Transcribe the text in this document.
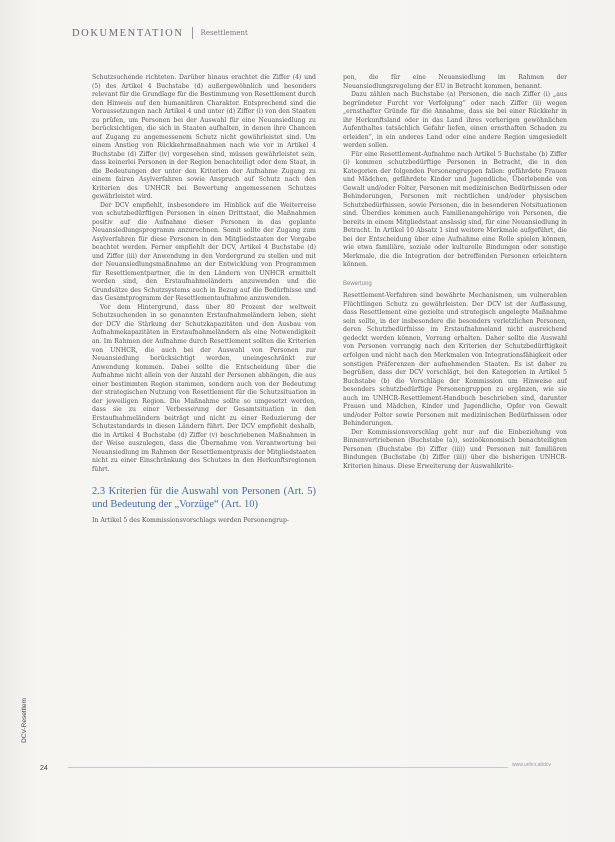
DOKUMENTATION Resettlement

Schutzsuchende richteten. Darüber hinaus erachtet die Ziffer (4) und (5) des Artikel 4 Buchstabe (d) außergewöhnlich und besonders relevant für die Grundlage für die Bestimmung von Resettlement durch den Hinweis auf den humanitären Charakter. Entsprechend sind die Voraussetzungen nach Artikel 4 und unter (d) Ziffer (i) von den Staaten zu prüfen, um Personen bei der Auswahl für eine Neuansiedlung zu berücksichtigen, die sich in Staaten aufhalten, in denen ihre Chancen auf Zugang zu angemessenem Schutz nicht gewährleistet sind. Um einem Anstieg von Rückkehrmaßnahmen nach wie vor in Artikel 4 Buchstabe (d) Ziffer (iv) vorgesehen sind, müssen gewährleistet sein, dass keinerlei Personen in der Region benachteiligt oder dem Staat, in die Bedeutungen der unter den Kriterien der Aufnahme Zugang zu einem fairen Asylverfahren sowie Anspruch auf Schutz nach den Kriterien des UNHCR bei Bewertung angemessenen Schutzes gewährleistet wird.

Der DCV empfiehlt, insbesondere im Hinblick auf die Weiterreise von schutzbedürftigen Personen in einen Drittstaat, die Maßnahmen positiv auf die Aufnahme dieser Personen in das geplante Neuansiedlungsprogramm anzurechnen. Somit sollte der Zugang zum Asylverfahren für diese Personen in den Mitgliedstaaten der Vorgabe beachtet werden. Ferner empfiehlt der DCV, Artikel 4 Buchstabe (d) und Ziffer (iii) der Anwendung in den Vordergrund zu stellen und mit der Neuansiedlungsmaßnahme an der Entwicklung von Programmen für Resettlementpartner, die in den Ländern von UNHCR ermittelt worden sind, den Erstaufnahmeländern anzuwenden und die Grundsätze des Schutzsystems auch in Bezug auf die Bedürfnisse und das Gesamtprogramm der Resettlementaufnahme anzuwenden.

Vor dem Hintergrund, dass über 80 Prozent der weltweit Schutzsuchenden in so genannten Erstaufnahmeländern leben, sieht der DCV die Stärkung der Schutzkapazitäten und den Ausbau von Aufnahmekapazitäten in Erstaufnahmeländern als eine Notwendigkeit an. Im Rahmen der Aufnahme durch Resettlement sollten die Kriterien von UNHCR, die auch bei der Auswahl von Personen zur Neuansiedlung berücksichtigt werden, uneingeschränkt zur Anwendung kommen. Dabei sollte die Entscheidung über die Aufnahme nicht allein von der Anzahl der Personen abhängen, die aus einer bestimmten Region stammen, sondern auch von der Bedeutung der strategischen Nutzung von Resettlement für die Schutzsituation in der jeweiligen Region. Die Maßnahme sollte so umgesetzt werden, dass sie zu einer Verbesserung der Gesamtsituation in den Erstaufnahmeländern beiträgt und nicht zu einer Reduzierung der Schutzstandards in diesen Ländern führt. Der DCV empfiehlt deshalb, die in Artikel 4 Buchstabe (d) Ziffer (v) beschriebenen Maßnahmen in der Weise auszulegen, dass die Übernahme von Verantwortung bei Neuansiedlung im Rahmen der Resettlementpraxis der Mitgliedstaaten nicht zu einer Einschränkung des Schutzes in den Herkunftsregionen führt.

2.3 Kriterien für die Auswahl von Personen (Art. 5) und Bedeutung der „Vorzüge“ (Art. 10)

In Artikel 5 des Kommissionsvorschlags werden Personengrup-

pen, die für eine Neuansiedlung im Rahmen der Neuansiedlungsregelung der EU in Betracht kommen, benannt.

Dazu zählen nach Buchstabe (a) Personen, die nach Ziffer (i) „aus begründeter Furcht vor Verfolgung“ oder nach Ziffer (ii) wegen „ernsthafter Gründe für die Annahme, dass sie bei einer Rückkehr in ihr Herkunftsland oder in das Land ihres vorherigen gewöhnlichen Aufenthaltes tatsächlich Gefahr liefen, einen ernsthaften Schaden zu erleiden“, in ein anderes Land oder eine andere Region umgesiedelt werden sollen.

Für eine Resettlement-Aufnahme nach Artikel 5 Buchstabe (b) Ziffer (i) kommen schutzbedürftige Personen in Betracht, die in den Kategorien der folgenden Personengruppen fallen: gefährdete Frauen und Mädchen, gefährdete Kinder und Jugendliche, Überlebende von Gewalt und/oder Folter, Personen mit medizinischen Bedürfnissen oder Behinderungen, Personen mit rechtlichen und/oder physischen Schutzbedürfnissen, sowie Personen, die in besonderen Notsituationen sind. Überdies kommen auch Familienangehörige von Personen, die bereits in einem Mitgliedstaat ansässig sind, für eine Neuansiedlung in Betracht. In Artikel 10 Absatz 1 sind weitere Merkmale aufgeführt, die bei der Entscheidung über eine Aufnahme eine Rolle spielen können, wie etwa familiäre, soziale oder kulturelle Bindungen oder sonstige Merkmale, die die Integration der betreffenden Personen erleichtern können.

Bewertung

Resettlement-Verfahren sind bewährte Mechanismen, um vulnerablen Flüchtlingen Schutz zu gewährleisten. Der DCV ist der Auffassung, dass Resettlement eine gezielte und strategisch angelegte Maßnahme sein sollte, in der insbesondere die besonders verletzlichen Personen, deren Schutzbedürfnisse im Erstaufnahmeland nicht ausreichend gedeckt werden können, Vorrang erhalten. Daher sollte die Auswahl von Personen vorrangig nach den Kriterien der Schutzbedürftigkeit erfolgen und nicht nach den Merkmalen von Integrationsfähigkeit oder sonstigen Präferenzen der aufnehmenden Staaten. Es ist daher zu begrüßen, dass der DCV vorschlägt, bei den Kategorien in Artikel 5 Buchstabe (b) die Vorschläge der Kommission um Hinweise auf besonders schutzbedürftige Personengruppen zu ergänzen, wie sie auch im UNHCR-Resettlement-Handbuch beschrieben sind, darunter Frauen und Mädchen, Kinder und Jugendliche, Opfer von Gewalt und/oder Folter sowie Personen mit medizinischen Bedürfnissen oder Behinderungen.

Der Kommissionsvorschlag geht nur auf die Einbeziehung von Binnenvertriebenen (Buchstabe (a)), sozioökonomisch benachteiligten Personen (Buchstabe (b) Ziffer (iii)) und Personen mit familiären Bindungen (Buchstabe (b) Ziffer (iii)) über die bisherigen UNHCR-Kriterien hinaus. Diese Erweiterung der Auswahlkrite-

DCV-Resettlem
24	www.unhcr.at/dcv
